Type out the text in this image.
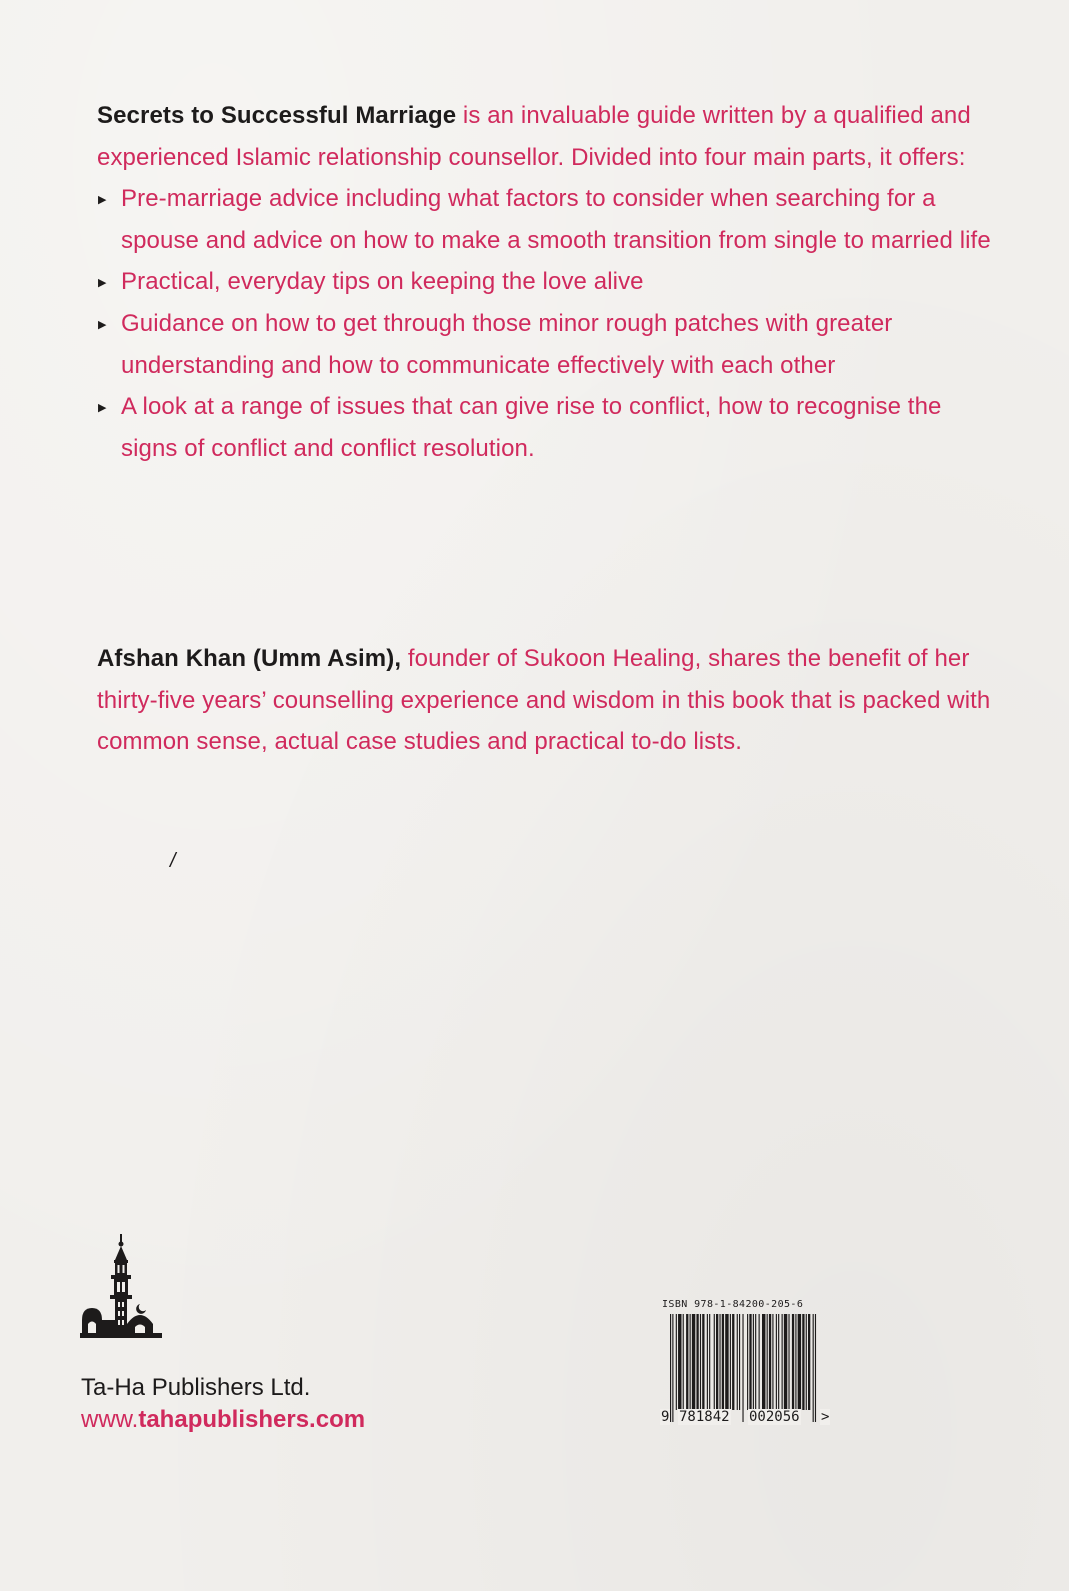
Secrets to Successful Marriage is an invaluable guide written by a qualified and experienced Islamic relationship counsellor. Divided into four main parts, it offers:
▶ Pre-marriage advice including what factors to consider when searching for a spouse and advice on how to make a smooth transition from single to married life
▶ Practical, everyday tips on keeping the love alive
▶ Guidance on how to get through those minor rough patches with greater understanding and how to communicate effectively with each other
▶ A look at a range of issues that can give rise to conflict, how to recognise the signs of conflict and conflict resolution.
Afshan Khan (Umm Asim), founder of Sukoon Healing, shares the benefit of her thirty-five years’ counselling experience and wisdom in this book that is packed with common sense, actual case studies and practical to-do lists.
/
Ta-Ha Publishers Ltd.
www.tahapublishers.com
ISBN 978-1-84200-205-6
9 781842 002056 >
